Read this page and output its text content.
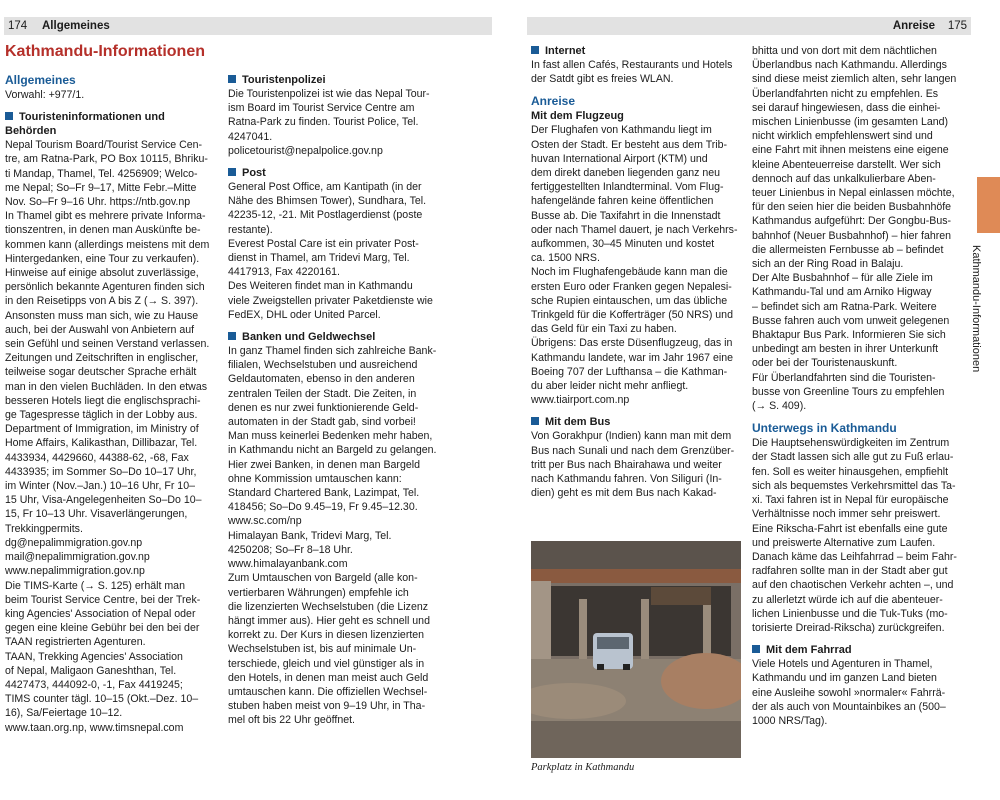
174 Allgemeines
Kathmandu-Informationen
Allgemeines

Vorwahl: +977/1.

Touristeninformationen und Behörden
Nepal Tourism Board/Tourist Service Cen-
tre, am Ratna-Park, PO Box 10115, Bhriku-
ti Mandap, Thamel, Tel. 4256909; Welco-
me Nepal; So–Fr 9–17, Mitte Febr.–Mitte
Nov. So–Fr 9–16 Uhr. https://ntb.gov.np
In Thamel gibt es mehrere private Informa-
tionszentren, in denen man Auskünfte be-
kommen kann (allerdings meistens mit dem
Hintergedanken, eine Tour zu verkaufen).
Hinweise auf einige absolut zuverlässige,
persönlich bekannte Agenturen finden sich
in den Reisetipps von A bis Z (→ S. 397).
Ansonsten muss man sich, wie zu Hause
auch, bei der Auswahl von Anbietern auf
sein Gefühl und seinen Verstand verlassen.
Zeitungen und Zeitschriften in englischer,
teilweise sogar deutscher Sprache erhält
man in den vielen Buchläden. In den etwas
besseren Hotels liegt die englischsprachi-
ge Tagespresse täglich in der Lobby aus.
Department of Immigration, im Ministry of
Home Affairs, Kalikasthan, Dillibazar, Tel.
4433934, 4429660, 44388-62, -68, Fax
4433935; im Sommer So–Do 10–17 Uhr,
im Winter (Nov.–Jan.) 10–16 Uhr, Fr 10–
15 Uhr, Visa-Angelegenheiten So–Do 10–
15, Fr 10–13 Uhr. Visaverlängerungen,
Trekkingpermits.
dg@nepalimmigration.gov.np
mail@nepalimmigration.gov.np
www.nepalimmigration.gov.np
Die TIMS-Karte (→ S. 125) erhält man
beim Tourist Service Centre, bei der Trek-
king Agencies' Association of Nepal oder
gegen eine kleine Gebühr bei den bei der
TAAN registrierten Agenturen.
TAAN, Trekking Agencies' Association
of Nepal, Maligaon Ganeshthan, Tel.
4427473, 444092-0, -1, Fax 4419245;
TIMS counter tägl. 10–15 (Okt.–Dez. 10–
16), Sa/Feiertage 10–12.
www.taan.org.np, www.timsnepal.com
Touristenpolizei
Die Touristenpolizei ist wie das Nepal Tour-
ism Board im Tourist Service Centre am
Ratna-Park zu finden. Tourist Police, Tel.
4247041.
policetourist@nepalpolice.gov.np
Post
General Post Office, am Kantipath (in der
Nähe des Bhimsen Tower), Sundhara, Tel.
42235-12, -21. Mit Postlagerdienst (poste
restante).
Everest Postal Care ist ein privater Post-
dienst in Thamel, am Tridevi Marg, Tel.
4417913, Fax 4220161.
Des Weiteren findet man in Kathmandu
viele Zweigstellen privater Paketdienste wie
FedEX, DHL oder United Parcel.
Banken und Geldwechsel
In ganz Thamel finden sich zahlreiche Bank-
filialen, Wechselstuben und ausreichend
Geldautomaten, ebenso in den anderen
zentralen Teilen der Stadt. Die Zeiten, in
denen es nur zwei funktionierende Geld-
automaten in der Stadt gab, sind vorbei!
Man muss keinerlei Bedenken mehr haben,
in Kathmandu nicht an Bargeld zu gelangen.
Hier zwei Banken, in denen man Bargeld
ohne Kommission umtauschen kann:
Standard Chartered Bank, Lazimpat, Tel.
418456; So–Do 9.45–19, Fr 9.45–12.30.
www.sc.com/np
Himalayan Bank, Tridevi Marg, Tel.
4250208; So–Fr 8–18 Uhr.
www.himalayanbank.com
Zum Umtauschen von Bargeld (alle kon-
vertierbaren Währungen) empfehle ich
die lizenzierten Wechselstuben (die Lizenz
hängt immer aus). Hier geht es schnell und
korrekt zu. Der Kurs in diesen lizenzierten
Wechselstuben ist, bis auf minimale Un-
terschiede, gleich und viel günstiger als in
den Hotels, in denen man meist auch Geld
umtauschen kann. Die offiziellen Wechsel-
stuben haben meist von 9–19 Uhr, in Tha-
mel oft bis 22 Uhr geöffnet.
Anreise 175
Internet
In fast allen Cafés, Restaurants und Hotels
der Satdt gibt es freies WLAN.
Anreise
Mit dem Flugzeug
Der Flughafen von Kathmandu liegt im
Osten der Stadt. Er besteht aus dem Trib-
huvan International Airport (KTM) und
dem direkt daneben liegenden ganz neu
fertiggestellten Inlandterminal. Vom Flug-
hafengelände fahren keine öffentlichen
Busse ab. Die Taxifahrt in die Innenstadt
oder nach Thamel dauert, je nach Verkehrs-
aufkommen, 30–45 Minuten und kostet
ca. 1500 NRS.
Noch im Flughafengebäude kann man die
ersten Euro oder Franken gegen Nepalesi-
sche Rupien eintauschen, um das übliche
Trinkgeld für die Kofferträger (50 NRS) und
das Geld für ein Taxi zu haben.
Übrigens: Das erste Düsenflugzeug, das in
Kathmandu landete, war im Jahr 1967 eine
Boeing 707 der Lufthansa – die Kathman-
du aber leider nicht mehr anfliegt.
www.tiairport.com.np
Mit dem Bus
Von Gorakhpur (Indien) kann man mit dem
Bus nach Sunali und nach dem Grenzüber-
tritt per Bus nach Bhairahawa und weiter
nach Kathmandu fahren. Von Siliguri (In-
dien) geht es mit dem Bus nach Kakad-
Parkplatz in Kathmandu
bhitta und von dort mit dem nächtlichen
Überlandbus nach Kathmandu. Allerdings
sind diese meist ziemlich alten, sehr langen
Überlandfahrten nicht zu empfehlen. Es
sei darauf hingewiesen, dass die einhei-
mischen Linienbusse (im gesamten Land)
nicht wirklich empfehlenswert sind und
eine Fahrt mit ihnen meistens eine eigene
kleine Abenteuerreise darstellt. Wer sich
dennoch auf das unkalkulierbare Aben-
teuer Linienbus in Nepal einlassen möchte,
für den seien hier die beiden Busbahnhöfe
Kathmandus aufgeführt: Der Gongbu-Bus-
bahnhof (Neuer Busbahnhof) – hier fahren
die allermeisten Fernbusse ab – befindet
sich an der Ring Road in Balaju.
Der Alte Busbahnhof – für alle Ziele im
Kathmandu-Tal und am Arniko Higway
– befindet sich am Ratna-Park. Weitere
Busse fahren auch vom unweit gelegenen
Bhaktapur Bus Park. Informieren Sie sich
unbedingt am besten in ihrer Unterkunft
oder bei der Touristenauskunft.
Für Überlandfahrten sind die Touristen-
busse von Greenline Tours zu empfehlen
(→ S. 409).
Unterwegs in Kathmandu
Die Hauptsehenswürdigkeiten im Zentrum
der Stadt lassen sich alle gut zu Fuß erlau-
fen. Soll es weiter hinausgehen, empfiehlt
sich als bequemstes Verkehrsmittel das Ta-
xi. Taxi fahren ist in Nepal für europäische
Verhältnisse noch immer sehr preiswert.
Eine Rikscha-Fahrt ist ebenfalls eine gute
und preiswerte Alternative zum Laufen.
Danach käme das Leihfahrrad – beim Fahr-
radfahren sollte man in der Stadt aber gut
auf den chaotischen Verkehr achten –, und
zu allerletzt würde ich auf die abenteuer-
lichen Linienbusse und die Tuk-Tuks (mo-
torisierte Dreirad-Rikscha) zurückgreifen.
Mit dem Fahrrad
Viele Hotels und Agenturen in Thamel,
Kathmandu und im ganzen Land bieten
eine Ausleihe sowohl »normaler« Fahrrä-
der als auch von Mountainbikes an (500–
1000 NRS/Tag).
Kathmandu-Informationen
